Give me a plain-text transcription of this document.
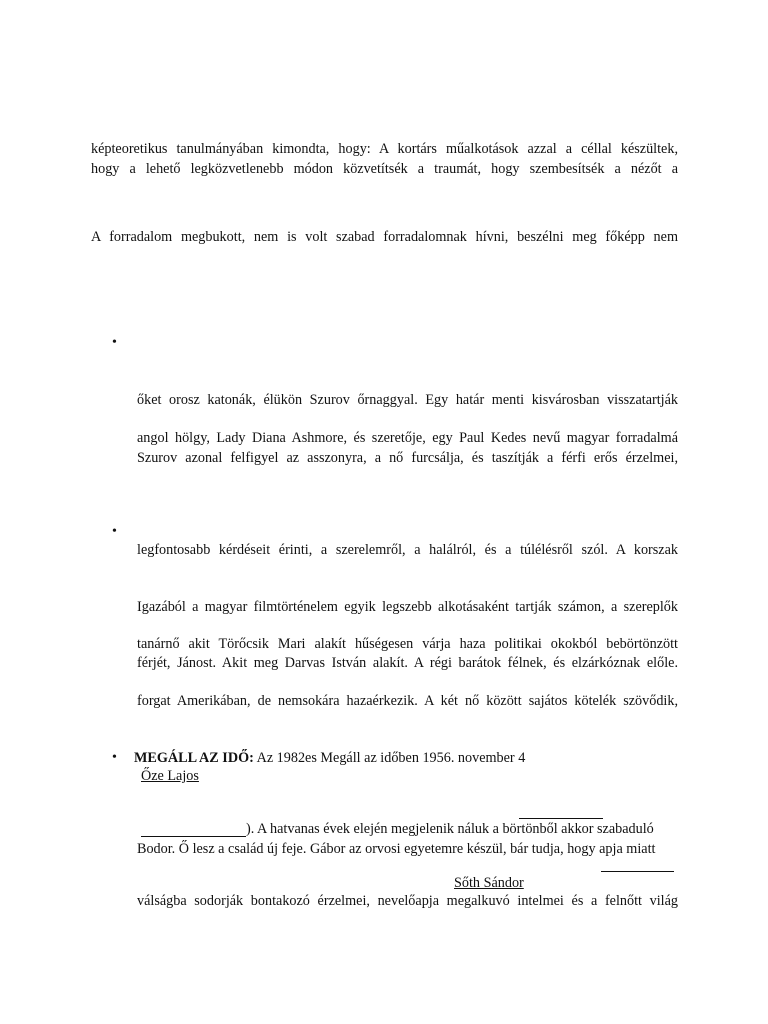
képteoretikus tanulmányában kimondta, hogy: A kortárs műalkotások azzal a céllal készültek,
hogy a lehető legközvetlenebb módon közvetítsék a traumát, hogy szembesítsék a nézőt a
A forradalom megbukott, nem is volt szabad forradalomnak hívni, beszélni meg főképp nem
•
őket orosz katonák, élükön Szurov őrnaggyal. Egy határ menti kisvárosban visszatartják
angol hölgy, Lady Diana Ashmore, és szeretője, egy Paul Kedes nevű magyar forradalmá
Szurov azonal felfigyel az asszonyra, a nő furcsálja, és taszítják a férfi erős érzelmei,
•
legfontosabb kérdéseit érinti, a szerelemről, a halálról, és a túlélésről szól. A korszak
Igazából a magyar filmtörténelem egyik legszebb alkotásaként tartják számon, a szereplők
tanárnő akit Törőcsik Mari alakít hűségesen várja haza politikai okokból bebörtönzött
férjét, Jánost. Akit meg Darvas István alakít. A régi barátok félnek, és elzárkóznak előle.
forgat Amerikában, de nemsokára hazaérkezik. A két nő között sajátos kötelék szövődik,
• MEGÁLL AZ IDŐ: Az 1982es Megáll az időben 1956. november 4
Őze Lajos
). A hatvanas évek elején megjelenik náluk a börtönből akkor szabaduló
Bodor. Ő lesz a család új feje. Gábor az orvosi egyetemre készül, bár tudja, hogy apja miatt
Sőth Sándor
válságba sodorják bontakozó érzelmei, nevelőapja megalkuvó intelmei és a felnőtt világ
